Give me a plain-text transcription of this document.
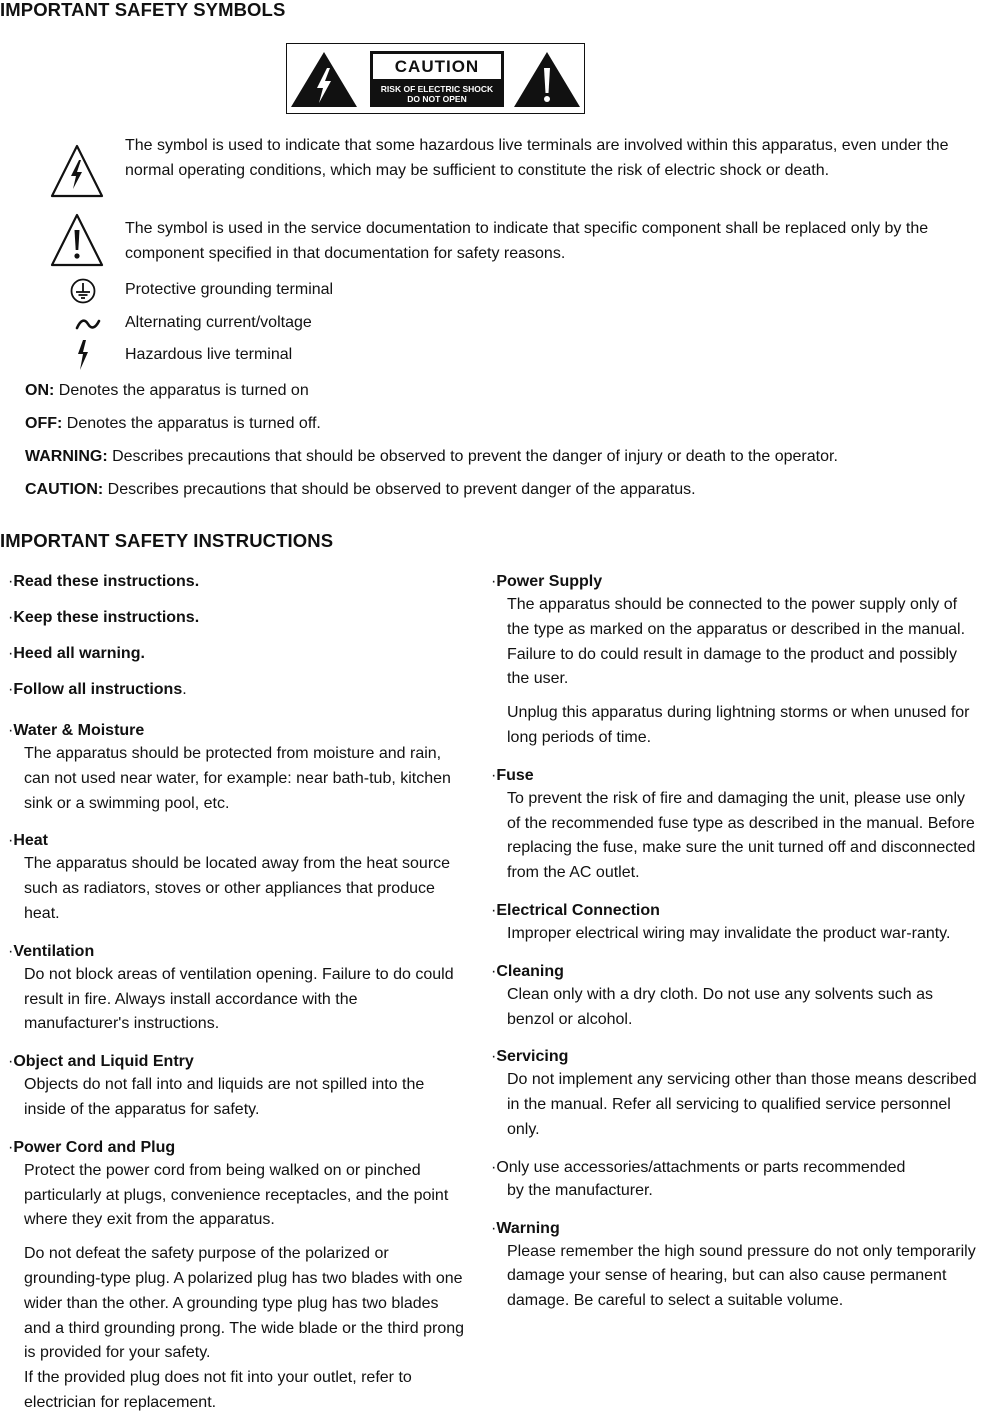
IMPORTANT SAFETY SYMBOLS
CAUTION
RISK OF ELECTRIC SHOCK
DO NOT OPEN
The symbol is used to indicate that some hazardous live terminals are involved within this apparatus, even under the normal operating conditions, which may be sufficient to constitute the risk of electric shock or death.
The symbol is used in the service documentation to indicate that specific component shall be replaced only by the component specified in that documentation for safety reasons.
Protective grounding terminal
Alternating current/voltage
Hazardous live terminal
ON: Denotes the apparatus is turned on
OFF: Denotes the apparatus is turned off.
WARNING: Describes precautions that should be observed to prevent the danger of injury or death to the operator.
CAUTION: Describes precautions that should be observed to prevent danger of the apparatus.
IMPORTANT SAFETY INSTRUCTIONS
·Read these instructions.
·Keep these instructions.
·Heed all warning.
·Follow all instructions.
·Water & Moisture
The apparatus should be protected from moisture and rain, can not used near water, for example: near bath-tub, kitchen sink or a swimming pool, etc.
·Heat
The apparatus should be located away from the heat source such as radiators, stoves or other appliances that produce heat.
·Ventilation
Do not block areas of ventilation opening. Failure to do could result in fire. Always install accordance with the manufacturer's instructions.
·Object and Liquid Entry
Objects do not fall into and liquids are not spilled into the inside of the apparatus for safety.
·Power Cord and Plug
Protect the power cord from being walked on or pinched particularly at plugs, convenience receptacles, and the point where they exit from the apparatus.
Do not defeat the safety purpose of the polarized or grounding-type plug. A polarized plug has two blades with one wider than the other. A grounding type plug has two blades and a third grounding prong. The wide blade or the third prong is provided for your safety.
If the provided plug does not fit into your outlet, refer to electrician for replacement.
·Power Supply
The apparatus should be connected to the power supply only of the type as marked on the apparatus or described in the manual. Failure to do could result in damage to the product and possibly the user.
Unplug this apparatus during lightning storms or when unused for long periods of time.
·Fuse
To prevent the risk of fire and damaging the unit, please use only of the recommended fuse type as described in the manual. Before replacing the fuse, make sure the unit turned off and disconnected from the AC outlet.
·Electrical Connection
Improper electrical wiring may invalidate the product war-ranty.
·Cleaning
Clean only with a dry cloth. Do not use any solvents such as benzol or alcohol.
·Servicing
Do not implement any servicing other than those means described in the manual. Refer all servicing to qualified service personnel only.
·Only use accessories/attachments or parts recommended
by the manufacturer.
·Warning
Please remember the high sound pressure do not only temporarily damage your sense of hearing, but can also cause permanent damage. Be careful to select a suitable volume.
